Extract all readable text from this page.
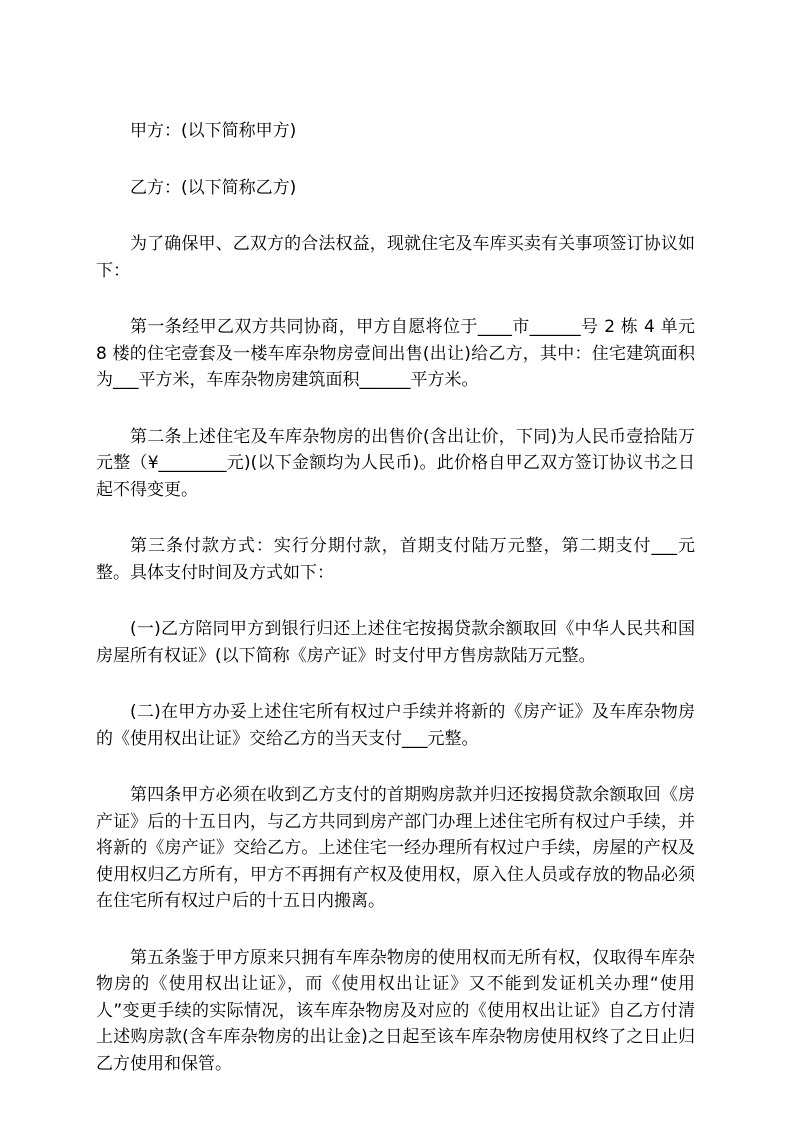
甲方：(以下简称甲方)

乙方：(以下简称乙方)

为了确保甲、乙双方的合法权益，现就住宅及车库买卖有关事项签订协议如下：

第一条经甲乙双方共同协商，甲方自愿将位于____市______号 2 栋 4 单元 8 楼的住宅壹套及一楼车库杂物房壹间出售(出让)给乙方，其中：住宅建筑面积为___平方米，车库杂物房建筑面积______平方米。

第二条上述住宅及车库杂物房的出售价(含出让价，下同)为人民币壹拾陆万元整（¥________元)(以下金额均为人民币)。此价格自甲乙双方签订协议书之日起不得变更。

第三条付款方式：实行分期付款，首期支付陆万元整，第二期支付___元整。具体支付时间及方式如下：

(一)乙方陪同甲方到银行归还上述住宅按揭贷款余额取回《中华人民共和国房屋所有权证》(以下简称《房产证》时支付甲方售房款陆万元整。

(二)在甲方办妥上述住宅所有权过户手续并将新的《房产证》及车库杂物房的《使用权出让证》交给乙方的当天支付___元整。

第四条甲方必须在收到乙方支付的首期购房款并归还按揭贷款余额取回《房产证》后的十五日内，与乙方共同到房产部门办理上述住宅所有权过户手续，并将新的《房产证》交给乙方。上述住宅一经办理所有权过户手续，房屋的产权及使用权归乙方所有，甲方不再拥有产权及使用权，原入住人员或存放的物品必须在住宅所有权过户后的十五日内搬离。

第五条鉴于甲方原来只拥有车库杂物房的使用权而无所有权，仅取得车库杂物房的《使用权出让证》，而《使用权出让证》又不能到发证机关办理“使用人”变更手续的实际情况，该车库杂物房及对应的《使用权出让证》自乙方付清上述购房款(含车库杂物房的出让金)之日起至该车库杂物房使用权终了之日止归乙方使用和保管。
